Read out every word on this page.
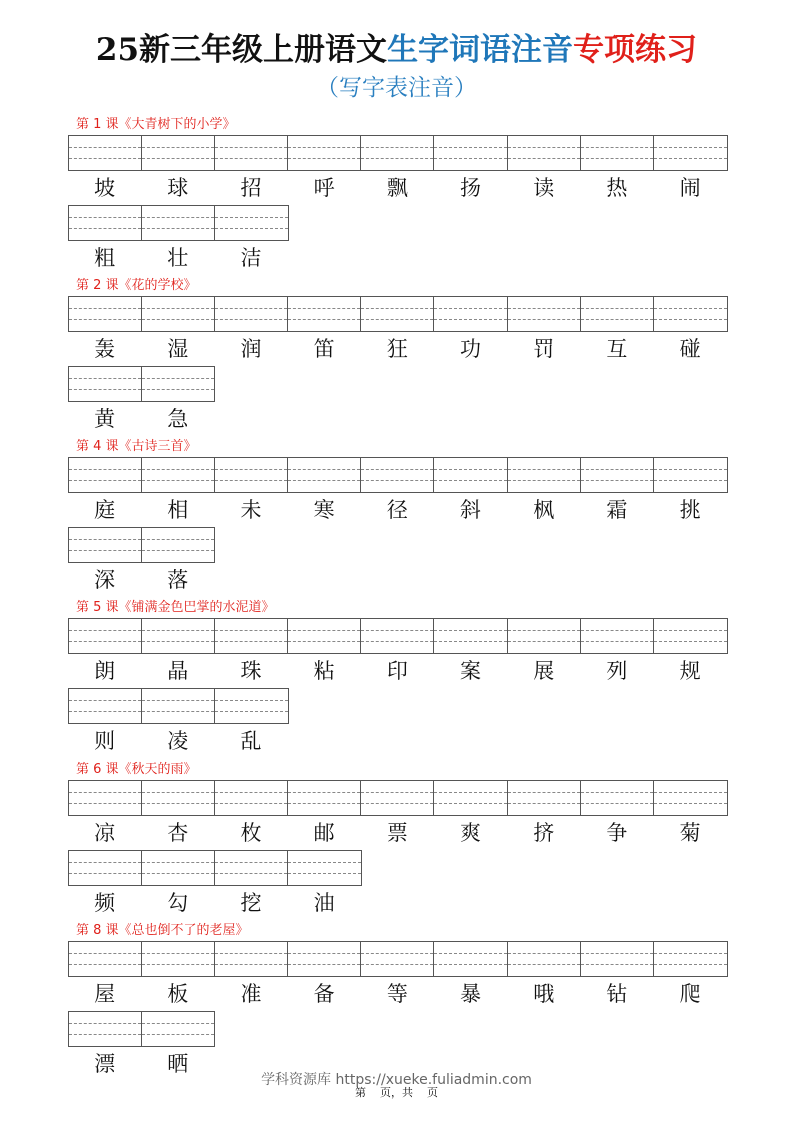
25新三年级上册语文生字词语注音专项练习
（写字表注音）
第 1 课《大青树下的小学》
坡	球	招	呼	飘	扬	读	热	闹
粗	壮	洁
第 2 课《花的学校》
轰	湿	润	笛	狂	功	罚	互	碰
黄	急
第 4 课《古诗三首》
庭	相	未	寒	径	斜	枫	霜	挑
深	落
第 5 课《铺满金色巴掌的水泥道》
朗	晶	珠	粘	印	案	展	列	规
则	凌	乱
第 6 课《秋天的雨》
凉	杏	枚	邮	票	爽	挤	争	菊
频	勾	挖	油
第 8 课《总也倒不了的老屋》
屋	板	准	备	等	暴	哦	钻	爬
漂	晒
学科资源库 https://xueke.fuliadmin.com
第    页，共    页
